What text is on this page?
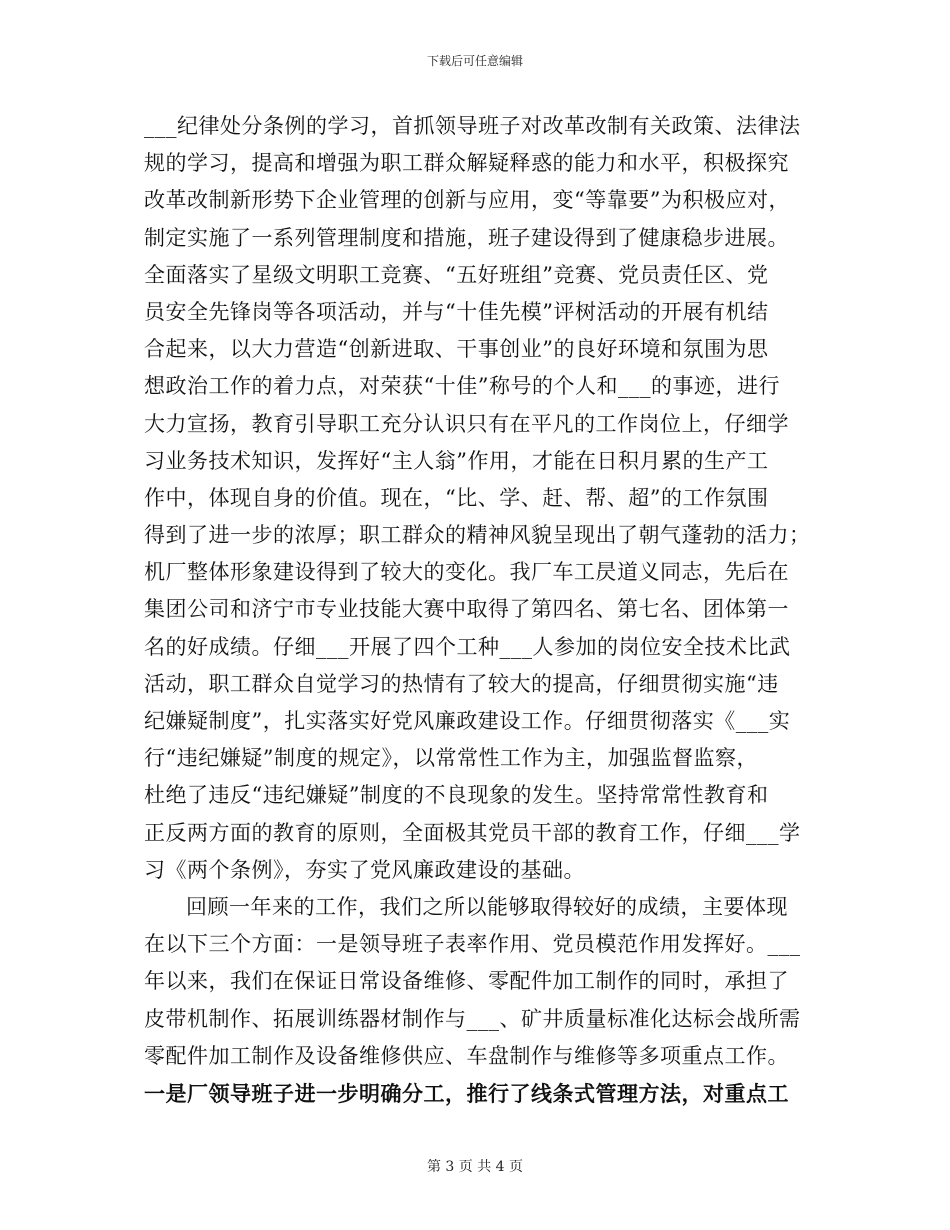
下载后可任意编辑
___纪律处分条例的学习，首抓领导班子对改革改制有关政策、法律法
规的学习，提高和增强为职工群众解疑释惑的能力和水平，积极探究
改革改制新形势下企业管理的创新与应用，变“等靠要”为积极应对，
制定实施了一系列管理制度和措施，班子建设得到了健康稳步进展。
全面落实了星级文明职工竞赛、“五好班组”竞赛、党员责任区、党
员安全先锋岗等各项活动，并与“十佳先模”评树活动的开展有机结
合起来，以大力营造“创新进取、干事创业”的良好环境和氛围为思
想政治工作的着力点，对荣获“十佳”称号的个人和___的事迹，进行
大力宣扬，教育引导职工充分认识只有在平凡的工作岗位上，仔细学
习业务技术知识，发挥好“主人翁”作用，才能在日积月累的生产工
作中，体现自身的价值。现在，“比、学、赶、帮、超”的工作氛围
得到了进一步的浓厚；职工群众的精神风貌呈现出了朝气蓬勃的活力；
机厂整体形象建设得到了较大的变化。我厂车工昃道义同志，先后在
集团公司和济宁市专业技能大赛中取得了第四名、第七名、团体第一
名的好成绩。仔细___开展了四个工种___人参加的岗位安全技术比武
活动，职工群众自觉学习的热情有了较大的提高，仔细贯彻实施“违
纪嫌疑制度”，扎实落实好党风廉政建设工作。仔细贯彻落实《___实
行“违纪嫌疑”制度的规定》，以常常性工作为主，加强监督监察，
杜绝了违反“违纪嫌疑”制度的不良现象的发生。坚持常常性教育和
正反两方面的教育的原则，全面极其党员干部的教育工作，仔细___学
习《两个条例》，夯实了党风廉政建设的基础。
回顾一年来的工作，我们之所以能够取得较好的成绩，主要体现
在以下三个方面：一是领导班子表率作用、党员模范作用发挥好。___
年以来，我们在保证日常设备维修、零配件加工制作的同时，承担了
皮带机制作、拓展训练器材制作与___、矿井质量标准化达标会战所需
零配件加工制作及设备维修供应、车盘制作与维修等多项重点工作。
一是厂领导班子进一步明确分工，推行了线条式管理方法，对重点工
第 3 页 共 4 页
